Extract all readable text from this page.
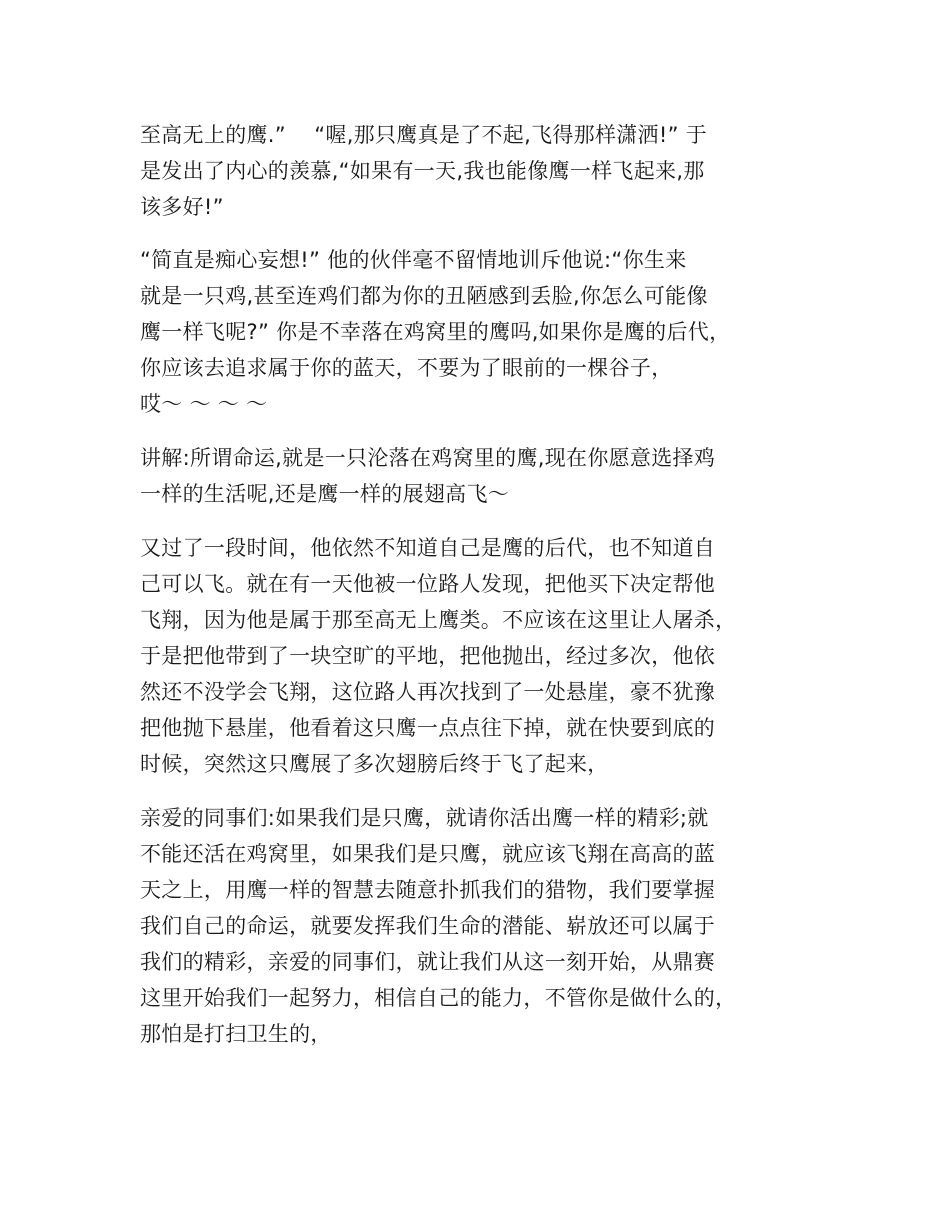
至高无上的鹰.”　 “喔,那只鹰真是了不起,飞得那样潇洒!” 于
是发出了内心的羡慕,“如果有一天,我也能像鹰一样飞起来,那
该多好!”
“简直是痴心妄想!” 他的伙伴毫不留情地训斥他说:“你生来
就是一只鸡,甚至连鸡们都为你的丑陋感到丢脸,你怎么可能像
鹰一样飞呢?” 你是不幸落在鸡窝里的鹰吗,如果你是鹰的后代，
你应该去追求属于你的蓝天，不要为了眼前的一棵谷子，
哎～ ～ ～ ～
讲解:所谓命运,就是一只沦落在鸡窝里的鹰,现在你愿意选择鸡
一样的生活呢,还是鹰一样的展翅高飞～
又过了一段时间，他依然不知道自己是鹰的后代，也不知道自
己可以飞。就在有一天他被一位路人发现，把他买下决定帮他
飞翔，因为他是属于那至高无上鹰类。不应该在这里让人屠杀，
于是把他带到了一块空旷的平地，把他抛出，经过多次，他依
然还不没学会飞翔，这位路人再次找到了一处悬崖，豪不犹豫
把他抛下悬崖，他看着这只鹰一点点往下掉，就在快要到底的
时候，突然这只鹰展了多次翅膀后终于飞了起来，
亲爱的同事们:如果我们是只鹰，就请你活出鹰一样的精彩;就
不能还活在鸡窝里，如果我们是只鹰，就应该飞翔在高高的蓝
天之上，用鹰一样的智慧去随意扑抓我们的猎物，我们要掌握
我们自己的命运，就要发挥我们生命的潜能、崭放还可以属于
我们的精彩，亲爱的同事们，就让我们从这一刻开始，从鼎赛
这里开始我们一起努力，相信自己的能力，不管你是做什么的，
那怕是打扫卫生的，
